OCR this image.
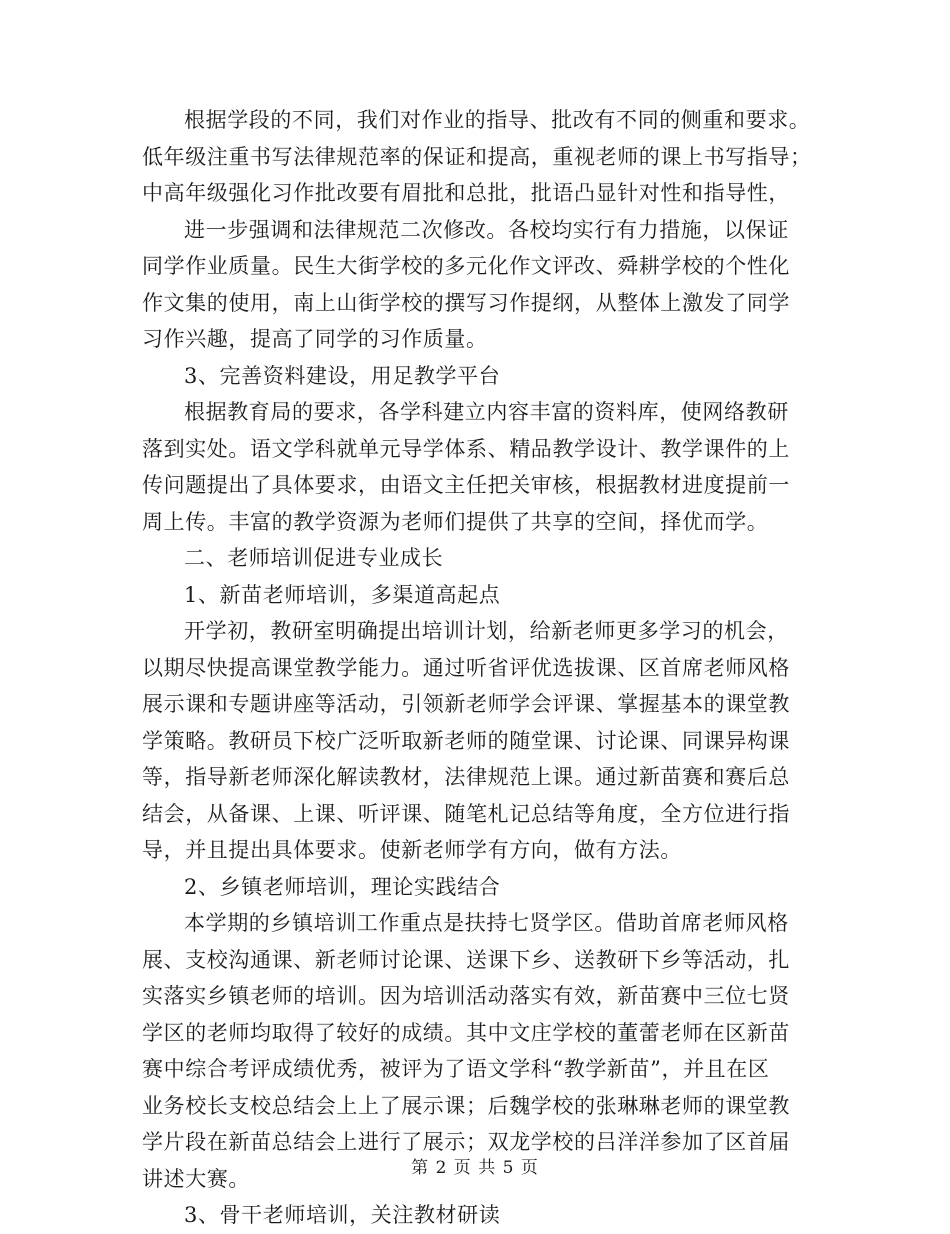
根据学段的不同，我们对作业的指导、批改有不同的侧重和要求。
低年级注重书写法律规范率的保证和提高，重视老师的课上书写指导；
中高年级强化习作批改要有眉批和总批，批语凸显针对性和指导性，

进一步强调和法律规范二次修改。各校均实行有力措施，以保证
同学作业质量。民生大街学校的多元化作文评改、舜耕学校的个性化
作文集的使用，南上山街学校的撰写习作提纲，从整体上激发了同学
习作兴趣，提高了同学的习作质量。

3、完善资料建设，用足教学平台

根据教育局的要求，各学科建立内容丰富的资料库，使网络教研
落到实处。语文学科就单元导学体系、精品教学设计、教学课件的上
传问题提出了具体要求，由语文主任把关审核，根据教材进度提前一
周上传。丰富的教学资源为老师们提供了共享的空间，择优而学。

二、老师培训促进专业成长

1、新苗老师培训，多渠道高起点

开学初，教研室明确提出培训计划，给新老师更多学习的机会，
以期尽快提高课堂教学能力。通过听省评优选拔课、区首席老师风格
展示课和专题讲座等活动，引领新老师学会评课、掌握基本的课堂教
学策略。教研员下校广泛听取新老师的随堂课、讨论课、同课异构课
等，指导新老师深化解读教材，法律规范上课。通过新苗赛和赛后总
结会，从备课、上课、听评课、随笔札记总结等角度，全方位进行指
导，并且提出具体要求。使新老师学有方向，做有方法。

2、乡镇老师培训，理论实践结合

本学期的乡镇培训工作重点是扶持七贤学区。借助首席老师风格
展、支校沟通课、新老师讨论课、送课下乡、送教研下乡等活动，扎
实落实乡镇老师的培训。因为培训活动落实有效，新苗赛中三位七贤
学区的老师均取得了较好的成绩。其中文庄学校的董蕾老师在区新苗
赛中综合考评成绩优秀，被评为了语文学科“教学新苗”，并且在区
业务校长支校总结会上上了展示课；后魏学校的张琳琳老师的课堂教
学片段在新苗总结会上进行了展示；双龙学校的吕洋洋参加了区首届
讲述大赛。

3、骨干老师培训，关注教材研读

第 2 页 共 5 页
